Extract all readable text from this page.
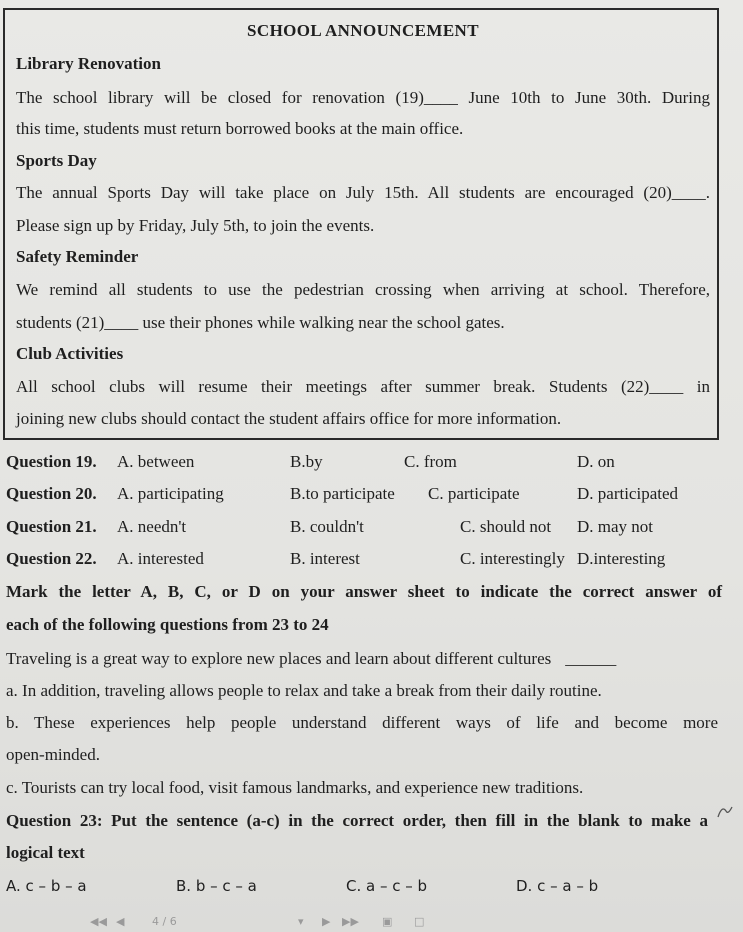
SCHOOL ANNOUNCEMENT
Library Renovation
The school library will be closed for renovation (19)____ June 10th to June 30th. During
this time, students must return borrowed books at the main office.
Sports Day
The annual Sports Day will take place on July 15th. All students are encouraged (20)____.
Please sign up by Friday, July 5th, to join the events.
Safety Reminder
We remind all students to use the pedestrian crossing when arriving at school. Therefore,
students (21)____ use their phones while walking near the school gates.
Club Activities
All school clubs will resume their meetings after summer break. Students (22)____ in
joining new clubs should contact the student affairs office for more information.
Question 19. A. between	B.by	C. from	D. on
Question 20. A. participating	B.to participate C. participate	D. participated
Question 21. A. needn't	B. couldn't	C. should not D. may not
Question 22. A. interested	B. interest	C. interestingly D.interesting
Mark the letter A, B, C, or D on your answer sheet to indicate the correct answer of
each of the following questions from 23 to 24
Traveling is a great way to explore new places and learn about different cultures ______
a. In addition, traveling allows people to relax and take a break from their daily routine.
b. These experiences help people understand different ways of life and become more
open-minded.
c. Tourists can try local food, visit famous landmarks, and experience new traditions.
Question 23: Put the sentence (a-c) in the correct order, then fill in the blank to make a
logical text
A. c – b – a	B. b – c – a	C. a – c – b	D. c – a – b
◀◀ ◀	4 / 6	▾ ▶ ▶▶ ▣ □
